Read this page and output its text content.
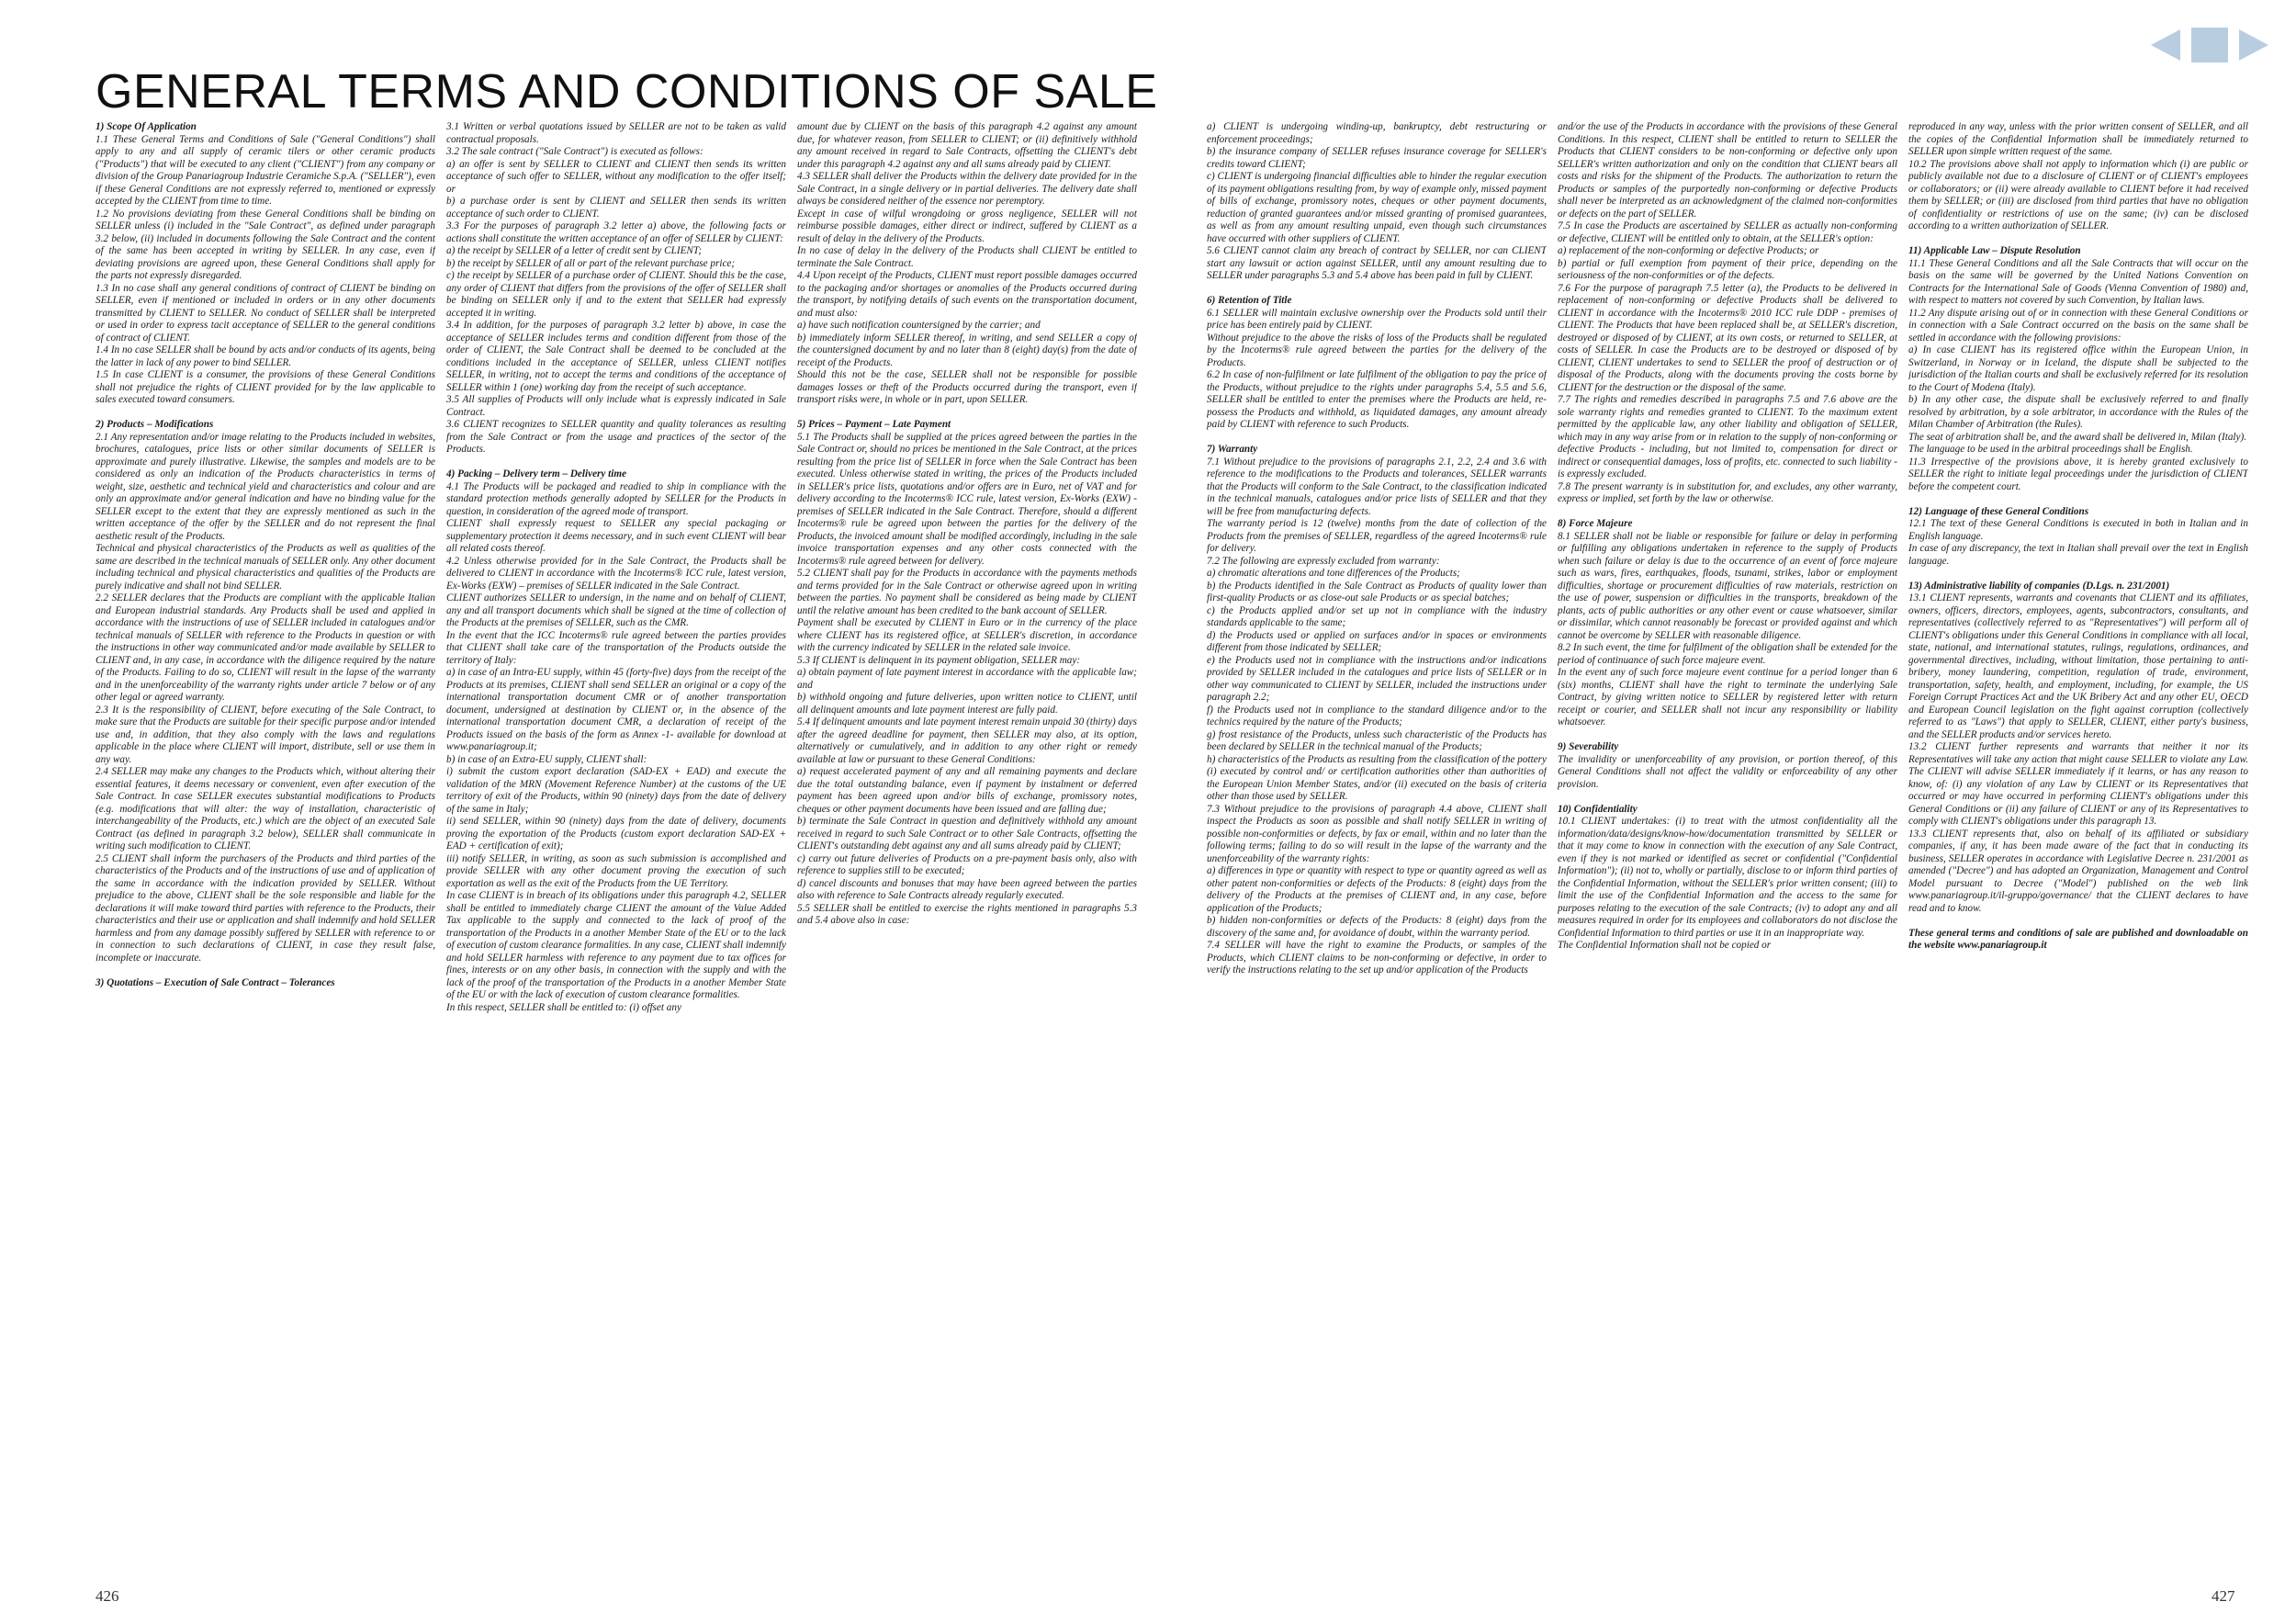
GENERAL TERMS AND CONDITIONS OF SALE

1) Scope Of Application

1.1 These General Terms and Conditions of Sale ("General Conditions") shall apply to any and all supply of ceramic tilers or other ceramic products ("Products") that will be executed to any client ("CLIENT") from any company or division of the Group Panariagroup Industrie Ceramiche S.p.A. ("SELLER"), even if these General Conditions are not expressly referred to, mentioned or expressly accepted by the CLIENT from time to time.

1.2 No provisions deviating from these General Conditions shall be binding on SELLER unless (i) included in the "Sale Contract", as defined under paragraph 3.2 below, (ii) included in documents following the Sale Contract and the content of the same has been accepted in writing by SELLER. In any case, even if deviating provisions are agreed upon, these General Conditions shall apply for the parts not expressly disregarded.

1.3 In no case shall any general conditions of contract of CLIENT be binding on SELLER, even if mentioned or included in orders or in any other documents transmitted by CLIENT to SELLER. No conduct of SELLER shall be interpreted or used in order to express tacit acceptance of SELLER to the general conditions of contract of CLIENT.

1.4 In no case SELLER shall be bound by acts and/or conducts of its agents, being the latter in lack of any power to bind SELLER.

1.5 In case CLIENT is a consumer, the provisions of these General Conditions shall not prejudice the rights of CLIENT provided for by the law applicable to sales executed toward consumers.

2) Products – Modifications

2.1 Any representation and/or image relating to the Products included in websites, brochures, catalogues, price lists or other similar documents of SELLER is approximate and purely illustrative. Likewise, the samples and models are to be considered as only an indication of the Products characteristics in terms of weight, size, aesthetic and technical yield and characteristics and colour and are only an approximate and/or general indication and have no binding value for the SELLER except to the extent that they are expressly mentioned as such in the written acceptance of the offer by the SELLER and do not represent the final aesthetic result of the Products.

Technical and physical characteristics of the Products as well as qualities of the same are described in the technical manuals of SELLER only. Any other document including technical and physical characteristics and qualities of the Products are purely indicative and shall not bind SELLER.

2.2 SELLER declares that the Products are compliant with the applicable Italian and European industrial standards. Any Products shall be used and applied in accordance with the instructions of use of SELLER included in catalogues and/or technical manuals of SELLER with reference to the Products in question or with the instructions in other way communicated and/or made available by SELLER to CLIENT and, in any case, in accordance with the diligence required by the nature of the Products. Failing to do so, CLIENT will result in the lapse of the warranty and in the unenforceability of the warranty rights under article 7 below or of any other legal or agreed warranty.

2.3 It is the responsibility of CLIENT, before executing of the Sale Contract, to make sure that the Products are suitable for their specific purpose and/or intended use and, in addition, that they also comply with the laws and regulations applicable in the place where CLIENT will import, distribute, sell or use them in any way.

2.4 SELLER may make any changes to the Products which, without altering their essential features, it deems necessary or convenient, even after execution of the Sale Contract. In case SELLER executes substantial modifications to Products (e.g. modifications that will alter: the way of installation, characteristic of interchangeability of the Products, etc.) which are the object of an executed Sale Contract (as defined in paragraph 3.2 below), SELLER shall communicate in writing such modification to CLIENT.

2.5 CLIENT shall inform the purchasers of the Products and third parties of the characteristics of the Products and of the instructions of use and of application of the same in accordance with the indication provided by SELLER. Without prejudice to the above, CLIENT shall be the sole responsible and liable for the declarations it will make toward third parties with reference to the Products, their characteristics and their use or application and shall indemnify and hold SELLER harmless and from any damage possibly suffered by SELLER with reference to or in connection to such declarations of CLIENT, in case they result false, incomplete or inaccurate.

3) Quotations – Execution of Sale Contract – Tolerances

3.1 Written or verbal quotations issued by SELLER are not to be taken as valid contractual proposals.

3.2 The sale contract ("Sale Contract") is executed as follows:

a) an offer is sent by SELLER to CLIENT and CLIENT then sends its written acceptance of such offer to SELLER, without any modification to the offer itself; or

b) a purchase order is sent by CLIENT and SELLER then sends its written acceptance of such order to CLIENT.

3.3 For the purposes of paragraph 3.2 letter a) above, the following facts or actions shall constitute the written acceptance of an offer of SELLER by CLIENT:

a) the receipt by SELLER of a letter of credit sent by CLIENT;

b) the receipt by SELLER of all or part of the relevant purchase price;

c) the receipt by SELLER of a purchase order of CLIENT. Should this be the case, any order of CLIENT that differs from the provisions of the offer of SELLER shall be binding on SELLER only if and to the extent that SELLER had expressly accepted it in writing.

3.4 In addition, for the purposes of paragraph 3.2 letter b) above, in case the acceptance of SELLER includes terms and condition different from those of the order of CLIENT, the Sale Contract shall be deemed to be concluded at the conditions included in the acceptance of SELLER, unless CLIENT notifies SELLER, in writing, not to accept the terms and conditions of the acceptance of SELLER within 1 (one) working day from the receipt of such acceptance.

3.5 All supplies of Products will only include what is expressly indicated in Sale Contract.

3.6 CLIENT recognizes to SELLER quantity and quality tolerances as resulting from the Sale Contract or from the usage and practices of the sector of the Products.

4) Packing – Delivery term – Delivery time

4.1 The Products will be packaged and readied to ship in compliance with the standard protection methods generally adopted by SELLER for the Products in question, in consideration of the agreed mode of transport.

CLIENT shall expressly request to SELLER any special packaging or supplementary protection it deems necessary, and in such event CLIENT will bear all related costs thereof.

4.2 Unless otherwise provided for in the Sale Contract, the Products shall be delivered to CLIENT in accordance with the Incoterms® ICC rule, latest version, Ex-Works (EXW) – premises of SELLER indicated in the Sale Contract.

CLIENT authorizes SELLER to undersign, in the name and on behalf of CLIENT, any and all transport documents which shall be signed at the time of collection of the Products at the premises of SELLER, such as the CMR.

In the event that the ICC Incoterms® rule agreed between the parties provides that CLIENT shall take care of the transportation of the Products outside the territory of Italy:

a) in case of an Intra-EU supply, within 45 (forty-five) days from the receipt of the Products at its premises, CLIENT shall send SELLER an original or a copy of the international transportation document CMR or of another transportation document, undersigned at destination by CLIENT or, in the absence of the international transportation document CMR, a declaration of receipt of the Products issued on the basis of the form as Annex -1- available for download at www.panariagroup.it;

b) in case of an Extra-EU supply, CLIENT shall:

i) submit the custom export declaration (SAD-EX + EAD) and execute the validation of the MRN (Movement Reference Number) at the customs of the UE territory of exit of the Products, within 90 (ninety) days from the date of delivery of the same in Italy;

ii) send SELLER, within 90 (ninety) days from the date of delivery, documents proving the exportation of the Products (custom export declaration SAD-EX + EAD + certification of exit);

iii) notify SELLER, in writing, as soon as such submission is accomplished and provide SELLER with any other document proving the execution of such exportation as well as the exit of the Products from the UE Territory.

In case CLIENT is in breach of its obligations under this paragraph 4.2, SELLER shall be entitled to immediately charge CLIENT the amount of the Value Added Tax applicable to the supply and connected to the lack of proof of the transportation of the Products in a another Member State of the EU or to the lack of execution of custom clearance formalities. In any case, CLIENT shall indemnify and hold SELLER harmless with reference to any payment due to tax offices for fines, interests or on any other basis, in connection with the supply and with the lack of the proof of the transportation of the Products in a another Member State of the EU or with the lack of execution of custom clearance formalities.

In this respect, SELLER shall be entitled to: (i) offset any

amount due by CLIENT on the basis of this paragraph 4.2 against any amount due, for whatever reason, from SELLER to CLIENT; or (ii) definitively withhold any amount received in regard to Sale Contracts, offsetting the CLIENT's debt under this paragraph 4.2 against any and all sums already paid by CLIENT.

4.3 SELLER shall deliver the Products within the delivery date provided for in the Sale Contract, in a single delivery or in partial deliveries. The delivery date shall always be considered neither of the essence nor peremptory.

Except in case of wilful wrongdoing or gross negligence, SELLER will not reimburse possible damages, either direct or indirect, suffered by CLIENT as a result of delay in the delivery of the Products.

In no case of delay in the delivery of the Products shall CLIENT be entitled to terminate the Sale Contract.

4.4 Upon receipt of the Products, CLIENT must report possible damages occurred to the packaging and/or shortages or anomalies of the Products occurred during the transport, by notifying details of such events on the transportation document, and must also:

a) have such notification countersigned by the carrier; and

b) immediately inform SELLER thereof, in writing, and send SELLER a copy of the countersigned document by and no later than 8 (eight) day(s) from the date of receipt of the Products.

Should this not be the case, SELLER shall not be responsible for possible damages losses or theft of the Products occurred during the transport, even if transport risks were, in whole or in part, upon SELLER.

5) Prices – Payment – Late Payment

5.1 The Products shall be supplied at the prices agreed between the parties in the Sale Contract or, should no prices be mentioned in the Sale Contract, at the prices resulting from the price list of SELLER in force when the Sale Contract has been executed. Unless otherwise stated in writing, the prices of the Products included in SELLER's price lists, quotations and/or offers are in Euro, net of VAT and for delivery according to the Incoterms® ICC rule, latest version, Ex-Works (EXW) - premises of SELLER indicated in the Sale Contract. Therefore, should a different Incoterms® rule be agreed upon between the parties for the delivery of the Products, the invoiced amount shall be modified accordingly, including in the sale invoice transportation expenses and any other costs connected with the Incoterms® rule agreed between for delivery.

5.2 CLIENT shall pay for the Products in accordance with the payments methods and terms provided for in the Sale Contract or otherwise agreed upon in writing between the parties. No payment shall be considered as being made by CLIENT until the relative amount has been credited to the bank account of SELLER.

Payment shall be executed by CLIENT in Euro or in the currency of the place where CLIENT has its registered office, at SELLER's discretion, in accordance with the currency indicated by SELLER in the related sale invoice.

5.3 If CLIENT is delinquent in its payment obligation, SELLER may:

a) obtain payment of late payment interest in accordance with the applicable law; and

b) withhold ongoing and future deliveries, upon written notice to CLIENT, until all delinquent amounts and late payment interest are fully paid.

5.4 If delinquent amounts and late payment interest remain unpaid 30 (thirty) days after the agreed deadline for payment, then SELLER may also, at its option, alternatively or cumulatively, and in addition to any other right or remedy available at law or pursuant to these General Conditions:

a) request accelerated payment of any and all remaining payments and declare due the total outstanding balance, even if payment by instalment or deferred payment has been agreed upon and/or bills of exchange, promissory notes, cheques or other payment documents have been issued and are falling due;

b) terminate the Sale Contract in question and definitively withhold any amount received in regard to such Sale Contract or to other Sale Contracts, offsetting the CLIENT's outstanding debt against any and all sums already paid by CLIENT;

c) carry out future deliveries of Products on a pre-payment basis only, also with reference to supplies still to be executed;

d) cancel discounts and bonuses that may have been agreed between the parties also with reference to Sale Contracts already regularly executed.

5.5 SELLER shall be entitled to exercise the rights mentioned in paragraphs 5.3 and 5.4 above also in case:

a) CLIENT is undergoing winding-up, bankruptcy, debt restructuring or enforcement proceedings;

b) the insurance company of SELLER refuses insurance coverage for SELLER's credits toward CLIENT;

c) CLIENT is undergoing financial difficulties able to hinder the regular execution of its payment obligations resulting from, by way of example only, missed payment of bills of exchange, promissory notes, cheques or other payment documents, reduction of granted guarantees and/or missed granting of promised guarantees, as well as from any amount resulting unpaid, even though such circumstances have occurred with other suppliers of CLIENT.

5.6 CLIENT cannot claim any breach of contract by SELLER, nor can CLIENT start any lawsuit or action against SELLER, until any amount resulting due to SELLER under paragraphs 5.3 and 5.4 above has been paid in full by CLIENT.

6) Retention of Title

6.1 SELLER will maintain exclusive ownership over the Products sold until their price has been entirely paid by CLIENT.

Without prejudice to the above the risks of loss of the Products shall be regulated by the Incoterms® rule agreed between the parties for the delivery of the Products.

6.2 In case of non-fulfilment or late fulfilment of the obligation to pay the price of the Products, without prejudice to the rights under paragraphs 5.4, 5.5 and 5.6, SELLER shall be entitled to enter the premises where the Products are held, re-possess the Products and withhold, as liquidated damages, any amount already paid by CLIENT with reference to such Products.

7) Warranty

7.1 Without prejudice to the provisions of paragraphs 2.1, 2.2, 2.4 and 3.6 with reference to the modifications to the Products and tolerances, SELLER warrants that the Products will conform to the Sale Contract, to the classification indicated in the technical manuals, catalogues and/or price lists of SELLER and that they will be free from manufacturing defects.

The warranty period is 12 (twelve) months from the date of collection of the Products from the premises of SELLER, regardless of the agreed Incoterms® rule for delivery.

7.2 The following are expressly excluded from warranty:

a) chromatic alterations and tone differences of the Products;

b) the Products identified in the Sale Contract as Products of quality lower than first-quality Products or as close-out sale Products or as special batches;

c) the Products applied and/or set up not in compliance with the industry standards applicable to the same;

d) the Products used or applied on surfaces and/or in spaces or environments different from those indicated by SELLER;

e) the Products used not in compliance with the instructions and/or indications provided by SELLER included in the catalogues and price lists of SELLER or in other way communicated to CLIENT by SELLER, included the instructions under paragraph 2.2;

f) the Products used not in compliance to the standard diligence and/or to the technics required by the nature of the Products;

g) frost resistance of the Products, unless such characteristic of the Products has been declared by SELLER in the technical manual of the Products;

h) characteristics of the Products as resulting from the classification of the pottery (i) executed by control and/ or certification authorities other than authorities of the European Union Member States, and/or (ii) executed on the basis of criteria other than those used by SELLER.

7.3 Without prejudice to the provisions of paragraph 4.4 above, CLIENT shall inspect the Products as soon as possible and shall notify SELLER in writing of possible non-conformities or defects, by fax or email, within and no later than the following terms; failing to do so will result in the lapse of the warranty and the unenforceability of the warranty rights:

a) differences in type or quantity with respect to type or quantity agreed as well as other patent non-conformities or defects of the Products: 8 (eight) days from the delivery of the Products at the premises of CLIENT and, in any case, before application of the Products;

b) hidden non-conformities or defects of the Products: 8 (eight) days from the discovery of the same and, for avoidance of doubt, within the warranty period.

7.4 SELLER will have the right to examine the Products, or samples of the Products, which CLIENT claims to be non-conforming or defective, in order to verify the instructions relating to the set up and/or application of the Products

and/or the use of the Products in accordance with the provisions of these General Conditions. In this respect, CLIENT shall be entitled to return to SELLER the Products that CLIENT considers to be non-conforming or defective only upon SELLER's written authorization and only on the condition that CLIENT bears all costs and risks for the shipment of the Products. The authorization to return the Products or samples of the purportedly non-conforming or defective Products shall never be interpreted as an acknowledgment of the claimed non-conformities or defects on the part of SELLER.

7.5 In case the Products are ascertained by SELLER as actually non-conforming or defective, CLIENT will be entitled only to obtain, at the SELLER's option:

a) replacement of the non-conforming or defective Products; or

b) partial or full exemption from payment of their price, depending on the seriousness of the non-conformities or of the defects.

7.6 For the purpose of paragraph 7.5 letter (a), the Products to be delivered in replacement of non-conforming or defective Products shall be delivered to CLIENT in accordance with the Incoterms® 2010 ICC rule DDP - premises of CLIENT. The Products that have been replaced shall be, at SELLER's discretion, destroyed or disposed of by CLIENT, at its own costs, or returned to SELLER, at costs of SELLER. In case the Products are to be destroyed or disposed of by CLIENT, CLIENT undertakes to send to SELLER the proof of destruction or of disposal of the Products, along with the documents proving the costs borne by CLIENT for the destruction or the disposal of the same.

7.7 The rights and remedies described in paragraphs 7.5 and 7.6 above are the sole warranty rights and remedies granted to CLIENT. To the maximum extent permitted by the applicable law, any other liability and obligation of SELLER, which may in any way arise from or in relation to the supply of non-conforming or defective Products - including, but not limited to, compensation for direct or indirect or consequential damages, loss of profits, etc. connected to such liability - is expressly excluded.

7.8 The present warranty is in substitution for, and excludes, any other warranty, express or implied, set forth by the law or otherwise.

8) Force Majeure

8.1 SELLER shall not be liable or responsible for failure or delay in performing or fulfilling any obligations undertaken in reference to the supply of Products when such failure or delay is due to the occurrence of an event of force majeure such as wars, fires, earthquakes, floods, tsunami, strikes, labor or employment difficulties, shortage or procurement difficulties of raw materials, restriction on the use of power, suspension or difficulties in the transports, breakdown of the plants, acts of public authorities or any other event or cause whatsoever, similar or dissimilar, which cannot reasonably be forecast or provided against and which cannot be overcome by SELLER with reasonable diligence.

8.2 In such event, the time for fulfilment of the obligation shall be extended for the period of continuance of such force majeure event.

In the event any of such force majeure event continue for a period longer than 6 (six) months, CLIENT shall have the right to terminate the underlying Sale Contract, by giving written notice to SELLER by registered letter with return receipt or courier, and SELLER shall not incur any responsibility or liability whatsoever.

9) Severability

The invalidity or unenforceability of any provision, or portion thereof, of this General Conditions shall not affect the validity or enforceability of any other provision.

10) Confidentiality

10.1 CLIENT undertakes: (i) to treat with the utmost confidentiality all the information/data/designs/know-how/documentation transmitted by SELLER or that it may come to know in connection with the execution of any Sale Contract, even if they is not marked or identified as secret or confidential ("Confidential Information"); (ii) not to, wholly or partially, disclose to or inform third parties of the Confidential Information, without the SELLER's prior written consent; (iii) to limit the use of the Confidential Information and the access to the same for purposes relating to the execution of the sale Contracts; (iv) to adopt any and all measures required in order for its employees and collaborators do not disclose the Confidential Information to third parties or use it in an inappropriate way.

The Confidential Information shall not be copied or

reproduced in any way, unless with the prior written consent of SELLER, and all the copies of the Confidential Information shall be immediately returned to SELLER upon simple written request of the same.

10.2 The provisions above shall not apply to information which (i) are public or publicly available not due to a disclosure of CLIENT or of CLIENT's employees or collaborators; or (ii) were already available to CLIENT before it had received them by SELLER; or (iii) are disclosed from third parties that have no obligation of confidentiality or restrictions of use on the same; (iv) can be disclosed according to a written authorization of SELLER.

11) Applicable Law – Dispute Resolution

11.1 These General Conditions and all the Sale Contracts that will occur on the basis on the same will be governed by the United Nations Convention on Contracts for the International Sale of Goods (Vienna Convention of 1980) and, with respect to matters not covered by such Convention, by Italian laws.

11.2 Any dispute arising out of or in connection with these General Conditions or in connection with a Sale Contract occurred on the basis on the same shall be settled in accordance with the following provisions:

a) In case CLIENT has its registered office within the European Union, in Switzerland, in Norway or in Iceland, the dispute shall be subjected to the jurisdiction of the Italian courts and shall be exclusively referred for its resolution to the Court of Modena (Italy).

b) In any other case, the dispute shall be exclusively referred to and finally resolved by arbitration, by a sole arbitrator, in accordance with the Rules of the Milan Chamber of Arbitration (the Rules).

The seat of arbitration shall be, and the award shall be delivered in, Milan (Italy).

The language to be used in the arbitral proceedings shall be English.

11.3 Irrespective of the provisions above, it is hereby granted exclusively to SELLER the right to initiate legal proceedings under the jurisdiction of CLIENT before the competent court.

12) Language of these General Conditions

12.1 The text of these General Conditions is executed in both in Italian and in English language.

In case of any discrepancy, the text in Italian shall prevail over the text in English language.

13) Administrative liability of companies (D.Lgs. n. 231/2001)

13.1 CLIENT represents, warrants and covenants that CLIENT and its affiliates, owners, officers, directors, employees, agents, subcontractors, consultants, and representatives (collectively referred to as "Representatives") will perform all of CLIENT's obligations under this General Conditions in compliance with all local, state, national, and international statutes, rulings, regulations, ordinances, and governmental directives, including, without limitation, those pertaining to anti-bribery, money laundering, competition, regulation of trade, environment, transportation, safety, health, and employment, including, for example, the US Foreign Corrupt Practices Act and the UK Bribery Act and any other EU, OECD and European Council legislation on the fight against corruption (collectively referred to as "Laws") that apply to SELLER, CLIENT, either party's business, and the SELLER products and/or services hereto.

13.2 CLIENT further represents and warrants that neither it nor its Representatives will take any action that might cause SELLER to violate any Law. The CLIENT will advise SELLER immediately if it learns, or has any reason to know, of: (i) any violation of any Law by CLIENT or its Representatives that occurred or may have occurred in performing CLIENT's obligations under this General Conditions or (ii) any failure of CLIENT or any of its Representatives to comply with CLIENT's obligations under this paragraph 13.

13.3 CLIENT represents that, also on behalf of its affiliated or subsidiary companies, if any, it has been made aware of the fact that in conducting its business, SELLER operates in accordance with Legislative Decree n. 231/2001 as amended ("Decree") and has adopted an Organization, Management and Control Model pursuant to Decree ("Model") published on the web link www.panariagroup.it/il-gruppo/governance/ that the CLIENT declares to have read and to know.

These general terms and conditions of sale are published and downloadable on the website www.panariagroup.it

426	427
